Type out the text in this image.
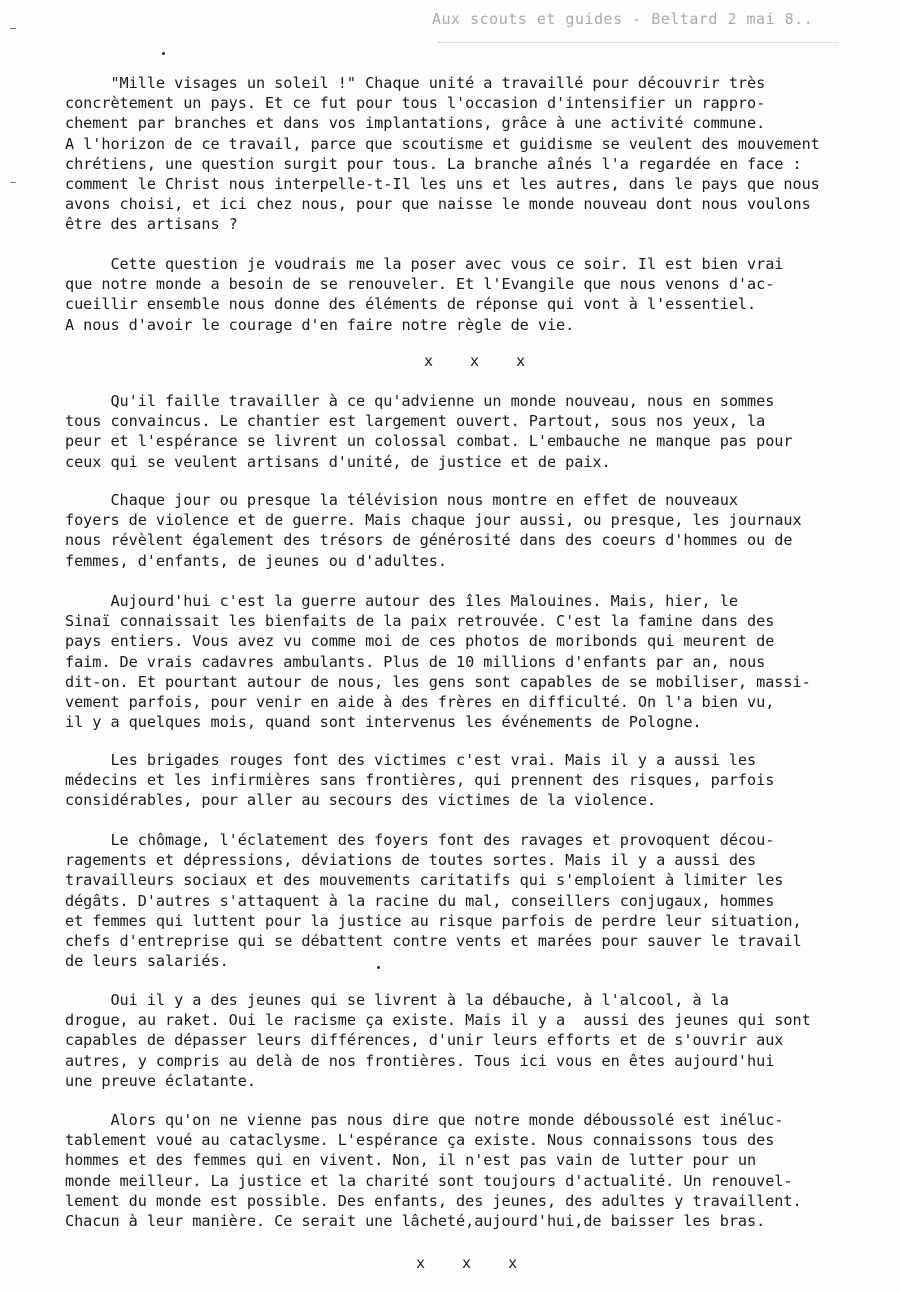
Aux scouts et guides - Beltard 2 mai 8..
"Mille visages un soleil !" Chaque unité a travaillé pour découvrir très
concrètement un pays. Et ce fut pour tous l'occasion d'intensifier un rappro-
chement par branches et dans vos implantations, grâce à une activité commune.
A l'horizon de ce travail, parce que scoutisme et guidisme se veulent des mouvement
chrétiens, une question surgit pour tous. La branche aînés l'a regardée en face :
comment le Christ nous interpelle-t-Il les uns et les autres, dans le pays que nous
avons choisi, et ici chez nous, pour que naisse le monde nouveau dont nous voulons
être des artisans ?
Cette question je voudrais me la poser avec vous ce soir. Il est bien vrai
que notre monde a besoin de se renouveler. Et l'Evangile que nous venons d'ac-
cueillir ensemble nous donne des éléments de réponse qui vont à l'essentiel.
A nous d'avoir le courage d'en faire notre règle de vie.
Qu'il faille travailler à ce qu'advienne un monde nouveau, nous en sommes
tous convaincus. Le chantier est largement ouvert. Partout, sous nos yeux, la
peur et l'espérance se livrent un colossal combat. L'embauche ne manque pas pour
ceux qui se veulent artisans d'unité, de justice et de paix.
Chaque jour ou presque la télévision nous montre en effet de nouveaux
foyers de violence et de guerre. Mais chaque jour aussi, ou presque, les journaux
nous révèlent également des trésors de générosité dans des coeurs d'hommes ou de
femmes, d'enfants, de jeunes ou d'adultes.
Aujourd'hui c'est la guerre autour des îles Malouines. Mais, hier, le
Sinaï connaissait les bienfaits de la paix retrouvée. C'est la famine dans des
pays entiers. Vous avez vu comme moi de ces photos de moribonds qui meurent de
faim. De vrais cadavres ambulants. Plus de 10 millions d'enfants par an, nous
dit-on. Et pourtant autour de nous, les gens sont capables de se mobiliser, massi-
vement parfois, pour venir en aide à des frères en difficulté. On l'a bien vu,
il y a quelques mois, quand sont intervenus les événements de Pologne.
Les brigades rouges font des victimes c'est vrai. Mais il y a aussi les
médecins et les infirmières sans frontières, qui prennent des risques, parfois
considérables, pour aller au secours des victimes de la violence.
Le chômage, l'éclatement des foyers font des ravages et provoquent décou-
ragements et dépressions, déviations de toutes sortes. Mais il y a aussi des
travailleurs sociaux et des mouvements caritatifs qui s'emploient à limiter les
dégâts. D'autres s'attaquent à la racine du mal, conseillers conjugaux, hommes
et femmes qui luttent pour la justice au risque parfois de perdre leur situation,
chefs d'entreprise qui se débattent contre vents et marées pour sauver le travail
de leurs salariés.
Oui il y a des jeunes qui se livrent à la débauche, à l'alcool, à la
drogue, au raket. Oui le racisme ça existe. Mais il y a  aussi des jeunes qui sont
capables de dépasser leurs différences, d'unir leurs efforts et de s'ouvrir aux
autres, y compris au delà de nos frontières. Tous ici vous en êtes aujourd'hui
une preuve éclatante.
Alors qu'on ne vienne pas nous dire que notre monde déboussolé est inéluc-
tablement voué au cataclysme. L'espérance ça existe. Nous connaissons tous des
hommes et des femmes qui en vivent. Non, il n'est pas vain de lutter pour un
monde meilleur. La justice et la charité sont toujours d'actualité. Un renouvel-
lement du monde est possible. Des enfants, des jeunes, des adultes y travaillent.
Chacun à leur manière. Ce serait une lâcheté,aujourd'hui,de baisser les bras.
x x x
x x x
